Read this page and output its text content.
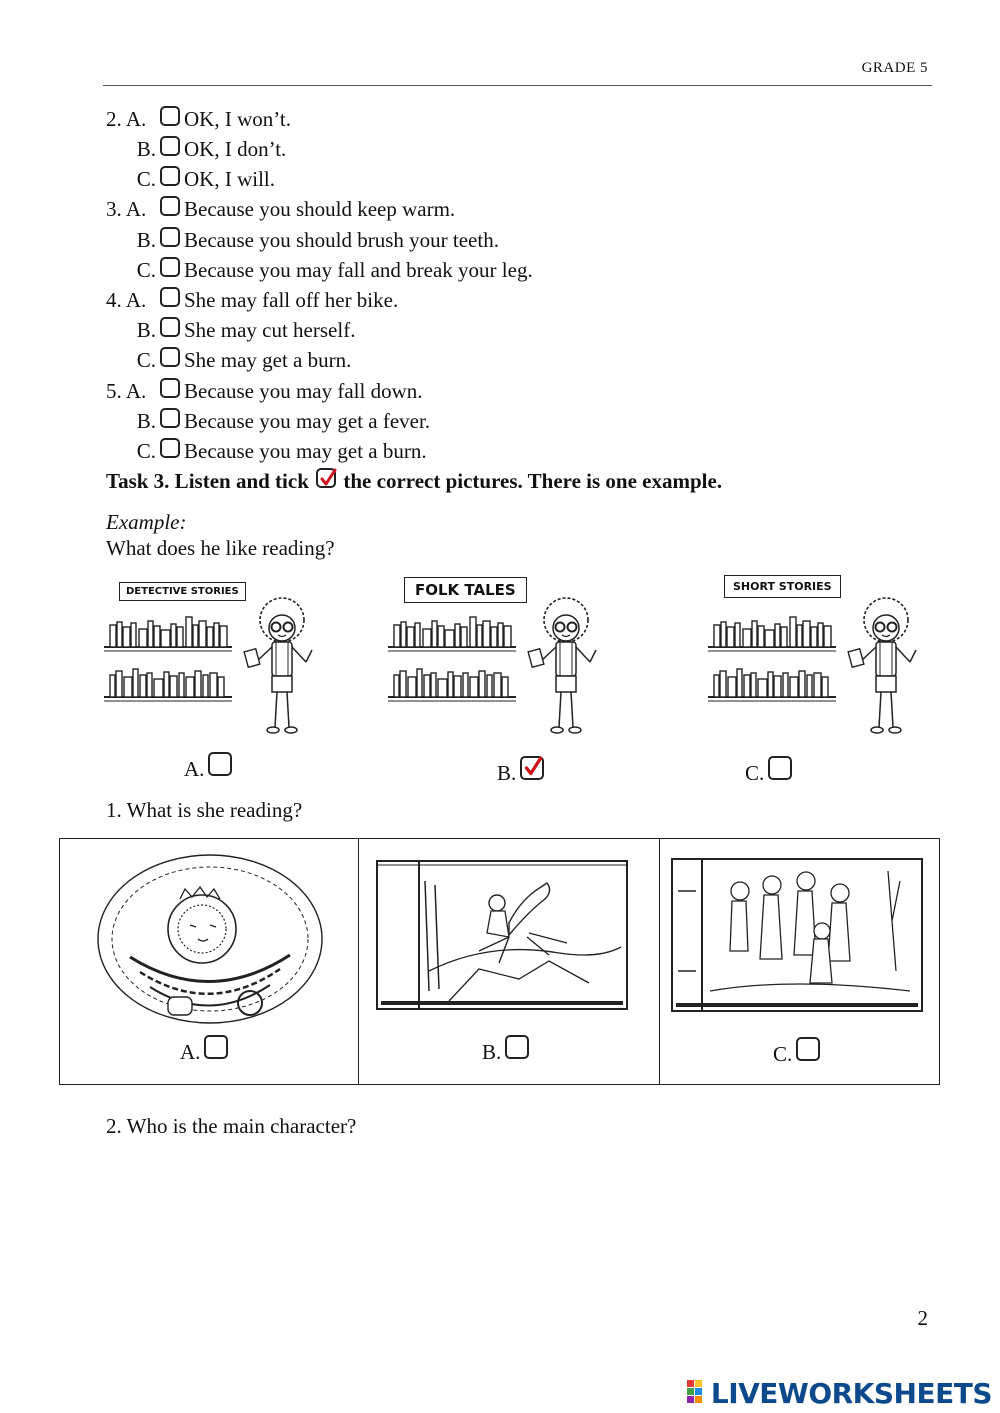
GRADE 5
2. A. OK, I won’t.
B. OK, I don’t.
C. OK, I will.
3. A. Because you should keep warm.
B. Because you should brush your teeth.
C. Because you may fall and break your leg.
4. A. She may fall off her bike.
B. She may cut herself.
C. She may get a burn.
5. A. Because you may fall down.
B. Because you may get a fever.
C. Because you may get a burn.
Task 3. Listen and tick the correct pictures. There is one example.
Example:
What does he like reading?
DETECTIVE STORIES	FOLK TALES	SHORT STORIES
A.	B.	C.
1. What is she reading?
A.	B.	C.
2. Who is the main character?
2
LIVEWORKSHEETS
